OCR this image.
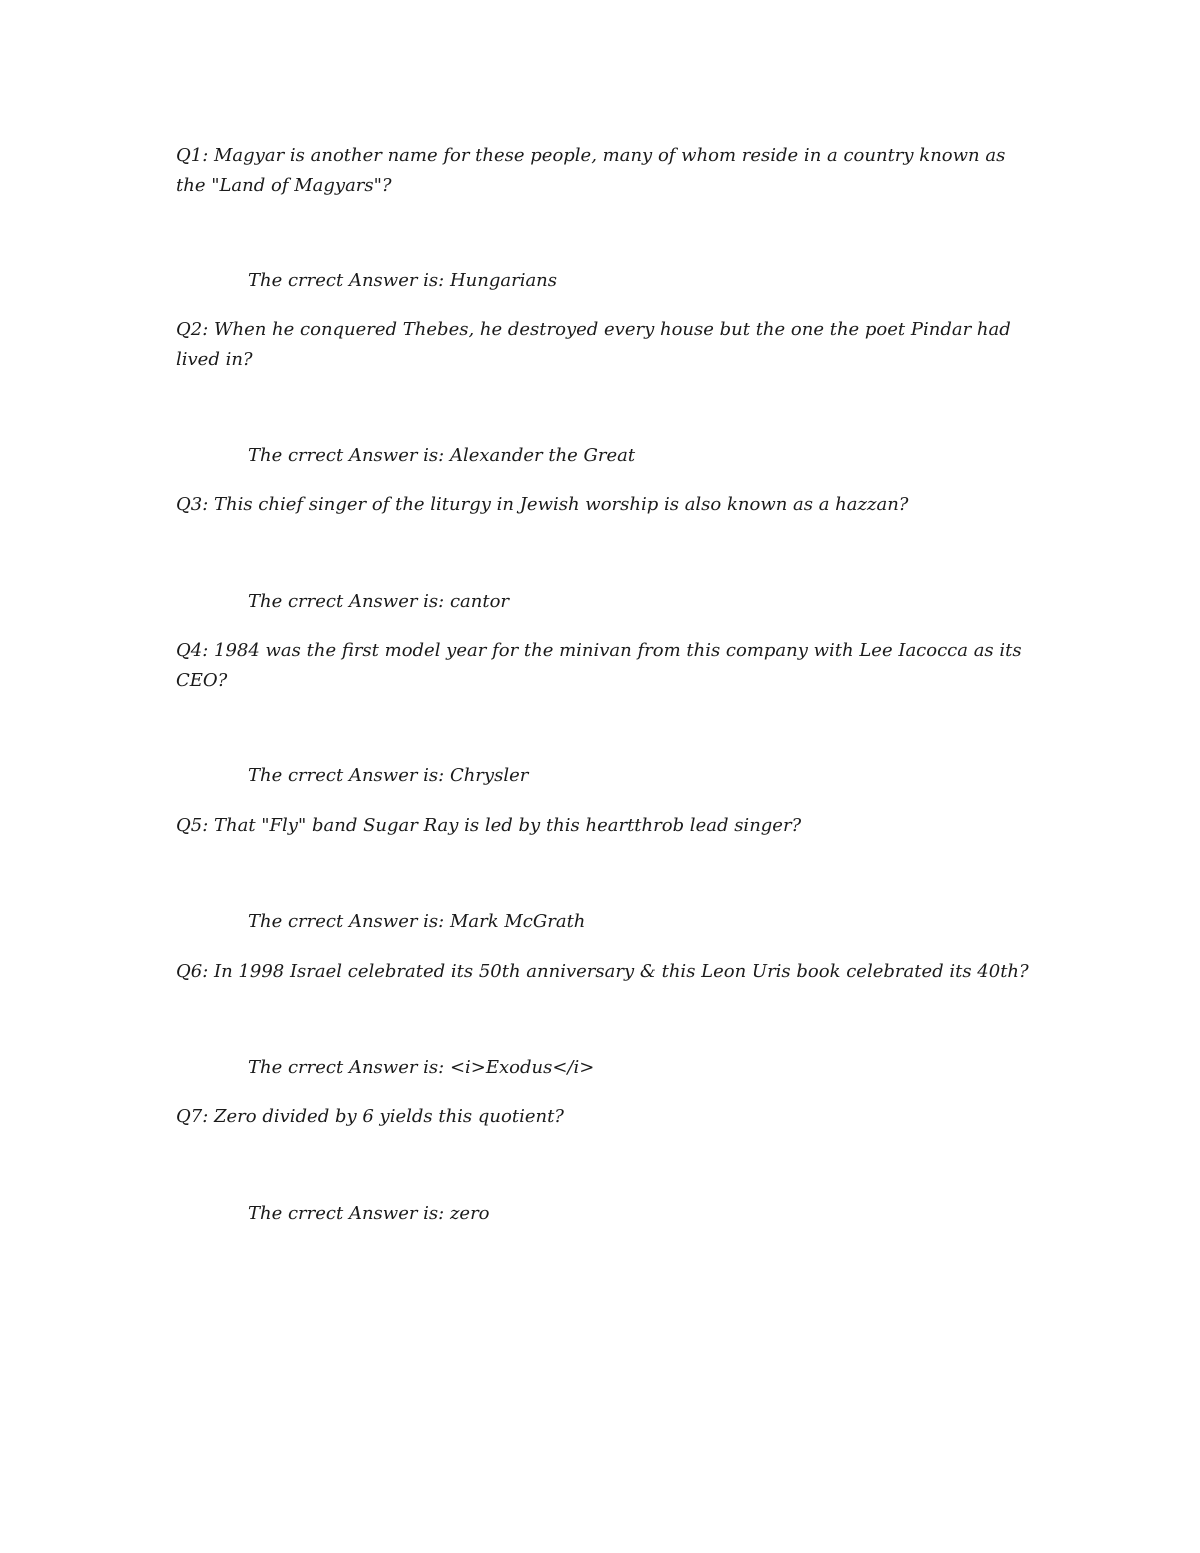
Q1: Magyar is another name for these people, many of whom reside in a country known as the "Land of Magyars"?

The crrect Answer is: Hungarians

Q2: When he conquered Thebes, he destroyed every house but the one the poet Pindar had lived in?

The crrect Answer is: Alexander the Great

Q3: This chief singer of the liturgy in Jewish worship is also known as a hazzan?

The crrect Answer is: cantor

Q4: 1984 was the first model year for the minivan from this company with Lee Iacocca as its CEO?

The crrect Answer is: Chrysler

Q5: That "Fly" band Sugar Ray is led by this heartthrob lead singer?

The crrect Answer is: Mark McGrath

Q6: In 1998 Israel celebrated its 50th anniversary & this Leon Uris book celebrated its 40th?

The crrect Answer is: <i>Exodus</i>

Q7: Zero divided by 6 yields this quotient?

The crrect Answer is: zero
